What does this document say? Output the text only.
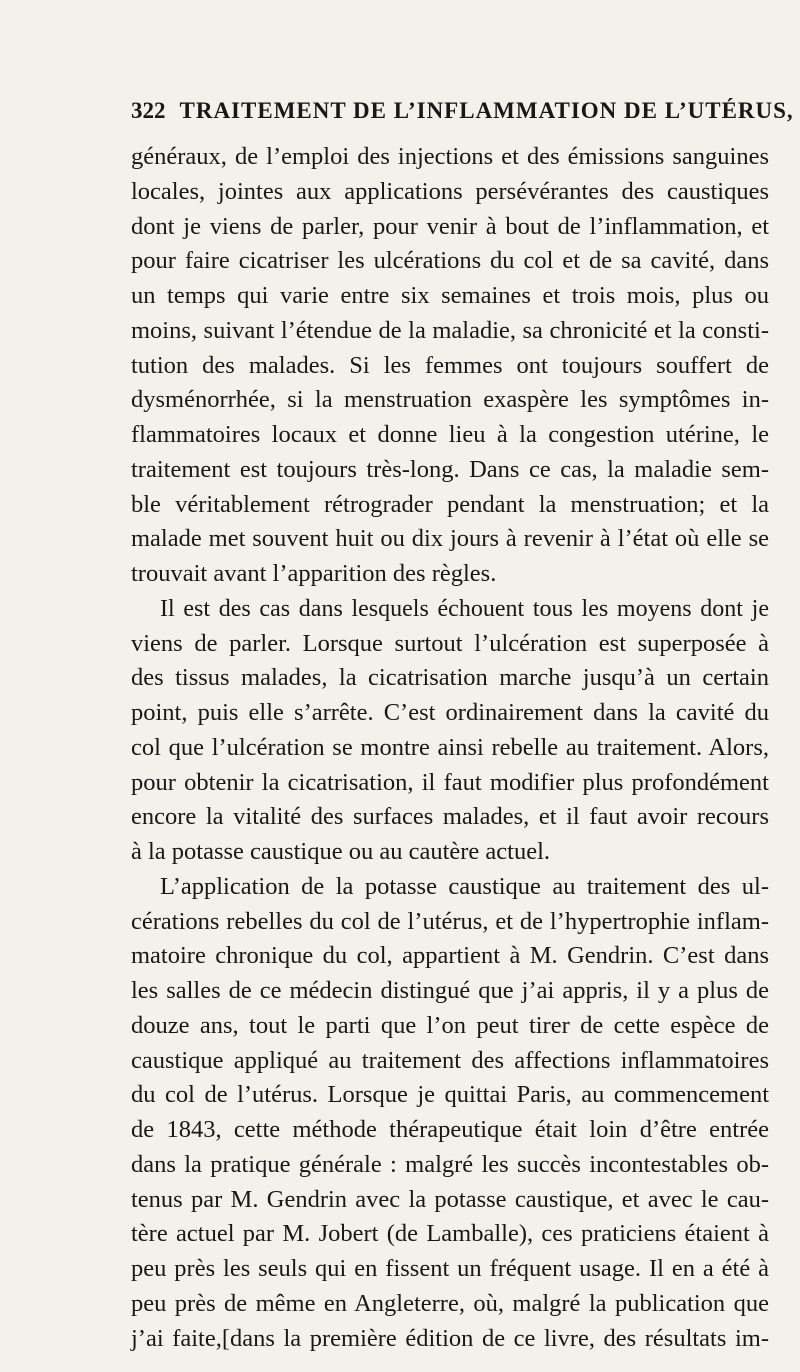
322 TRAITEMENT DE L’INFLAMMATION DE L’UTÉRUS,
généraux, de l’emploi des injections et des émissions sanguines
locales, jointes aux applications persévérantes des caustiques
dont je viens de parler, pour venir à bout de l’inflammation, et
pour faire cicatriser les ulcérations du col et de sa cavité, dans
un temps qui varie entre six semaines et trois mois, plus ou
moins, suivant l’étendue de la maladie, sa chronicité et la consti-
tution des malades. Si les femmes ont toujours souffert de
dysménorrhée, si la menstruation exaspère les symptômes in-
flammatoires locaux et donne lieu à la congestion utérine, le
traitement est toujours très-long. Dans ce cas, la maladie sem-
ble véritablement rétrograder pendant la menstruation; et la
malade met souvent huit ou dix jours à revenir à l’état où elle se
trouvait avant l’apparition des règles.
Il est des cas dans lesquels échouent tous les moyens dont je
viens de parler. Lorsque surtout l’ulcération est superposée à
des tissus malades, la cicatrisation marche jusqu’à un certain
point, puis elle s’arrête. C’est ordinairement dans la cavité du
col que l’ulcération se montre ainsi rebelle au traitement. Alors,
pour obtenir la cicatrisation, il faut modifier plus profondément
encore la vitalité des surfaces malades, et il faut avoir recours
à la potasse caustique ou au cautère actuel.
L’application de la potasse caustique au traitement des ul-
cérations rebelles du col de l’utérus, et de l’hypertrophie inflam-
matoire chronique du col, appartient à M. Gendrin. C’est dans
les salles de ce médecin distingué que j’ai appris, il y a plus de
douze ans, tout le parti que l’on peut tirer de cette espèce de
caustique appliqué au traitement des affections inflammatoires
du col de l’utérus. Lorsque je quittai Paris, au commencement
de 1843, cette méthode thérapeutique était loin d’être entrée
dans la pratique générale : malgré les succès incontestables ob-
tenus par M. Gendrin avec la potasse caustique, et avec le cau-
tère actuel par M. Jobert (de Lamballe), ces praticiens étaient à
peu près les seuls qui en fissent un fréquent usage. Il en a été à
peu près de même en Angleterre, où, malgré la publication que
j’ai faite,[dans la première édition de ce livre, des résultats im-
